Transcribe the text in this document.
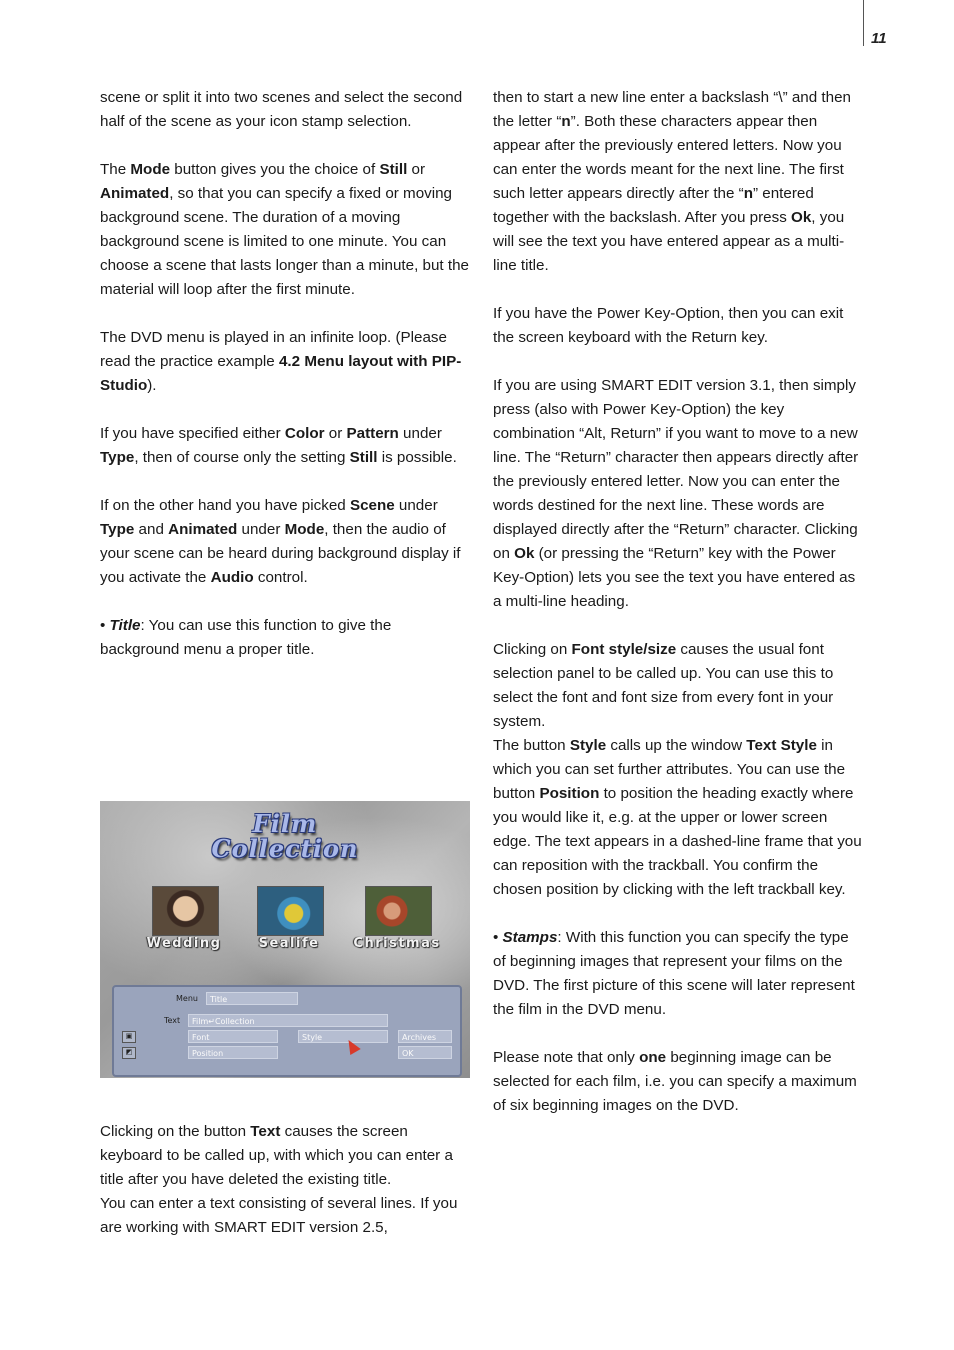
11

scene or split it into two scenes and select the second half of the scene as your icon stamp selection.

The Mode button gives you the choice of Still or Animated, so that you can specify a fixed or moving background scene. The duration of a moving background scene is limited to one minute. You can choose a scene that lasts longer than a minute, but the material will loop after the first minute.

The DVD menu is played in an infinite loop. (Please read the practice example 4.2 Menu layout with PIP-Studio).

If you have specified either Color or Pattern under Type, then of course only the setting Still is possible.

If on the other hand you have picked Scene under Type and Animated under Mode, then the audio of your scene can be heard during background display if you activate the Audio control.

• Title: You can use this function to give the background menu a proper title.

Film
Collection
Wedding	Sealife	Christmas
Menu	Title
Text	Film↵Collection
Font	Style	Archives
Position	OK
▣
◩

Clicking on the button Text causes the screen keyboard to be called up, with which you can enter a title after you have deleted the existing title.

You can enter a text consisting of several lines. If you are working with SMART EDIT version 2.5,

then to start a new line enter a backslash “\” and then the letter “n”. Both these characters appear then appear after the previously entered letters. Now you can enter the words meant for the next line. The first such letter appears directly after the “n” entered together with the backslash. After you press Ok, you will see the text you have entered appear as a multi-line title.

If you have the Power Key-Option, then you can exit the screen keyboard with the Return key.

If you are using SMART EDIT version 3.1, then simply press (also with Power Key-Option) the key combination “Alt, Return” if you want to move to a new line. The “Return” character then appears directly after the previously entered letter. Now you can enter the words destined for the next line. These words are displayed directly after the “Return” character. Clicking on Ok (or pressing the “Return” key with the Power Key-Option) lets you see the text you have entered as a multi-line heading.

Clicking on Font style/size causes the usual font selection panel to be called up. You can use this to select the font and font size from every font in your system.

The button Style calls up the window Text Style in which you can set further attributes. You can use the button Position to position the heading exactly where you would like it, e.g. at the upper or lower screen edge. The text appears in a dashed-line frame that you can reposition with the trackball. You confirm the chosen position by clicking with the left trackball key.

• Stamps: With this function you can specify the type of beginning images that represent your films on the DVD. The first picture of this scene will later represent the film in the DVD menu.

Please note that only one beginning image can be selected for each film, i.e. you can specify a maximum of six beginning images on the DVD.
